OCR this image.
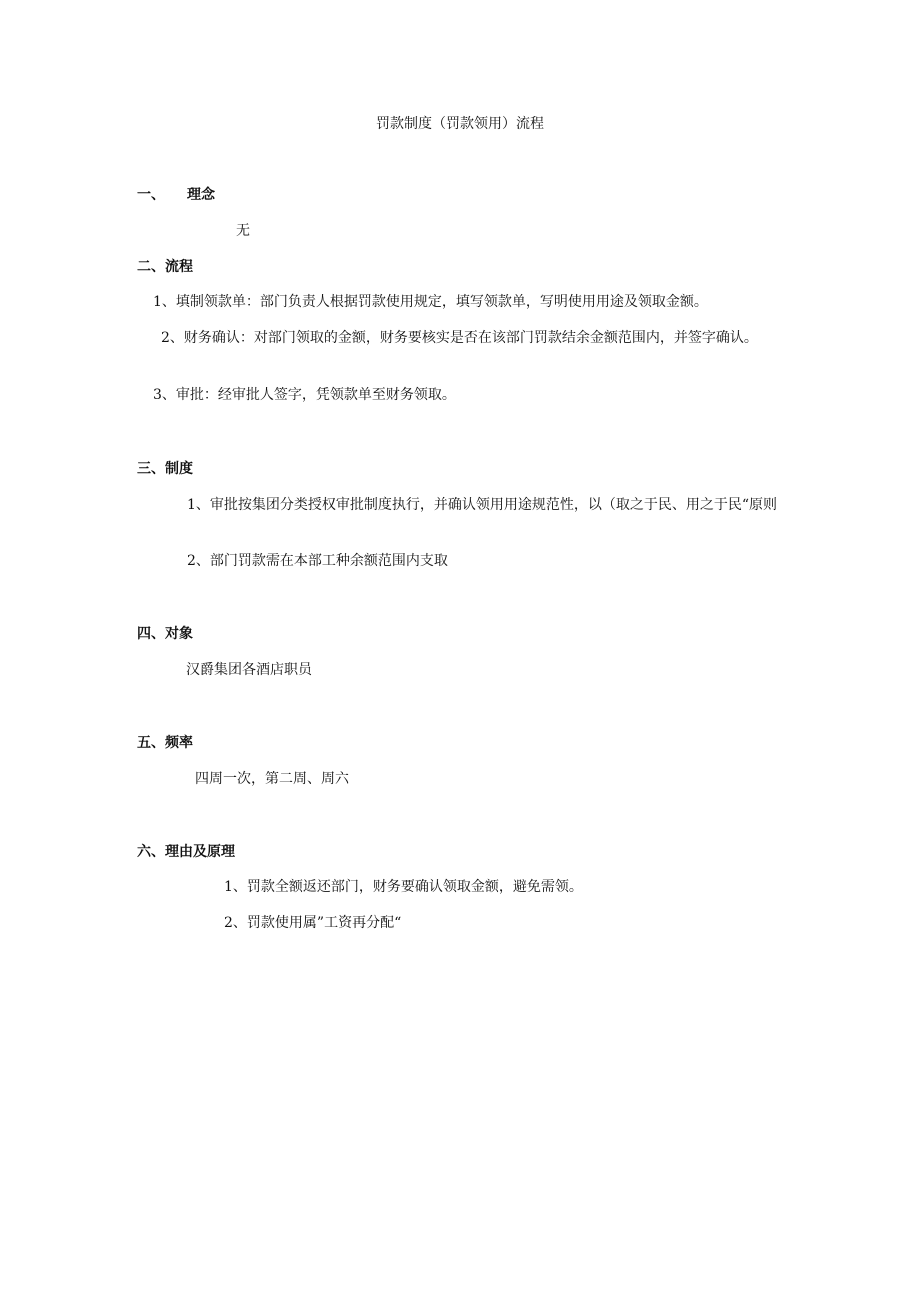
罚款制度（罚款领用）流程
一、 理念
无
二、流程
1、填制领款单：部门负责人根据罚款使用规定，填写领款单，写明使用用途及领取金额。
2、财务确认：对部门领取的金额，财务要核实是否在该部门罚款结余金额范围内，并签字确认。
3、审批：经审批人签字，凭领款单至财务领取。
三、制度
1、审批按集团分类授权审批制度执行，并确认领用用途规范性，以（取之于民、用之于民“原则
2、部门罚款需在本部工种余额范围内支取
四、对象
汉爵集团各酒店职员
五、频率
四周一次，第二周、周六
六、理由及原理
1、罚款全额返还部门，财务要确认领取金额，避免需领。
2、罚款使用属”工资再分配“
